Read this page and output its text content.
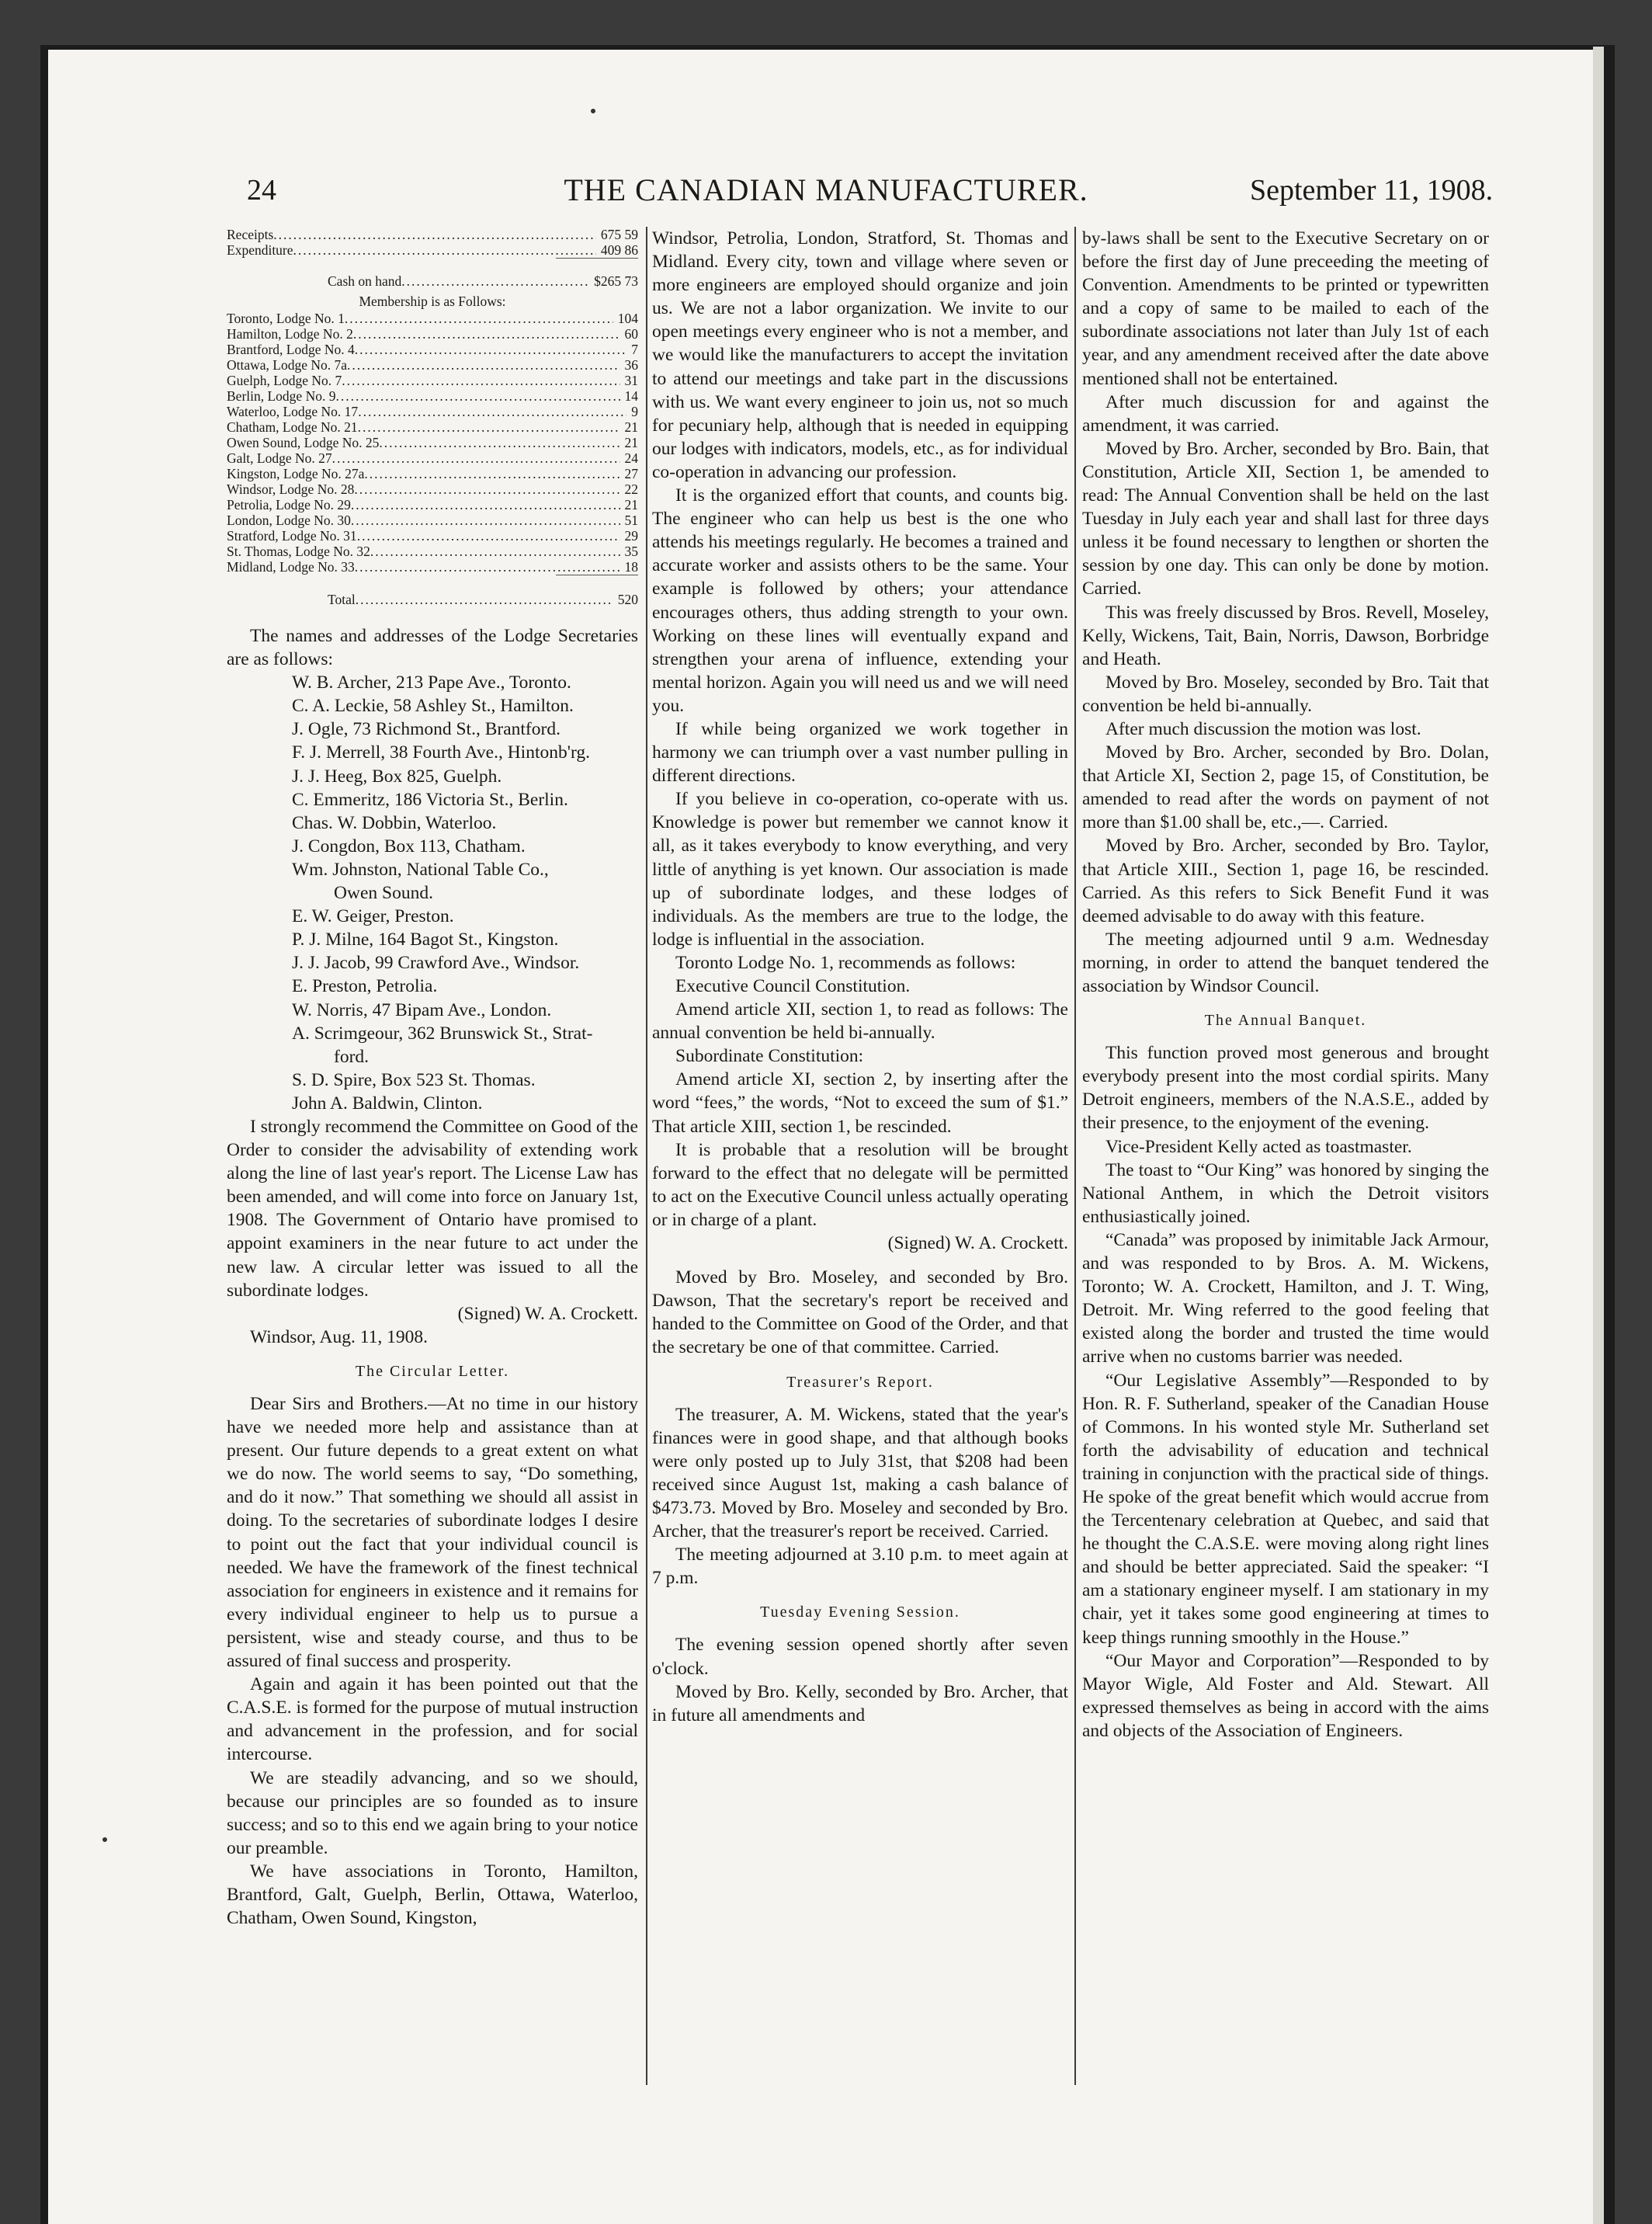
24	THE CANADIAN MANUFACTURER.	September 11, 1908.
Receipts .....	675 59
Expenditure .....	409 86
Cash on hand .....	$265 73
Membership is as Follows:
Toronto, Lodge No. 1 .....	104
Hamilton, Lodge No. 2 .....	60
Brantford, Lodge No. 4 .....	7
Ottawa, Lodge No. 7a .....	36
Guelph, Lodge No. 7 .....	31
Berlin, Lodge No. 9 .....	14
Waterloo, Lodge No. 17 .....	9
Chatham, Lodge No. 21 .....	21
Owen Sound, Lodge No. 25 .....	21
Galt, Lodge No. 27 .....	24
Kingston, Lodge No. 27a .....	27
Windsor, Lodge No. 28 .....	22
Petrolia, Lodge No. 29 .....	21
London, Lodge No. 30 .....	51
Stratford, Lodge No. 31 .....	29
St. Thomas, Lodge No. 32 .....	35
Midland, Lodge No. 33 .....	18
Total .....	520

The names and addresses of the Lodge Secretaries are as follows:

W. B. Archer, 213 Pape Ave., Toronto.

C. A. Leckie, 58 Ashley St., Hamilton.

J. Ogle, 73 Richmond St., Brantford.

F. J. Merrell, 38 Fourth Ave., Hintonb'rg.

J. J. Heeg, Box 825, Guelph.

C. Emmeritz, 186 Victoria St., Berlin.

Chas. W. Dobbin, Waterloo.

J. Congdon, Box 113, Chatham.

Wm. Johnston, National Table Co.,
Owen Sound.

E. W. Geiger, Preston.

P. J. Milne, 164 Bagot St., Kingston.

J. J. Jacob, 99 Crawford Ave., Windsor.

E. Preston, Petrolia.

W. Norris, 47 Bipam Ave., London.

A. Scrimgeour, 362 Brunswick St., Strat-
ford.

S. D. Spire, Box 523 St. Thomas.

John A. Baldwin, Clinton.

I strongly recommend the Committee on Good of the Order to consider the advisability of extending work along the line of last year's report. The License Law has been amended, and will come into force on January 1st, 1908. The Government of Ontario have promised to appoint examiners in the near future to act under the new law. A circular letter was issued to all the subordinate lodges.

(Signed) W. A. Crockett.

Windsor, Aug. 11, 1908.

The Circular Letter.

Dear Sirs and Brothers.—At no time in our history have we needed more help and assistance than at present. Our future depends to a great extent on what we do now. The world seems to say, “Do something, and do it now.” That something we should all assist in doing. To the secretaries of subordinate lodges I desire to point out the fact that your individual council is needed. We have the framework of the finest technical association for engineers in existence and it remains for every individual engineer to help us to pursue a persistent, wise and steady course, and thus to be assured of final success and prosperity.

Again and again it has been pointed out that the C.A.S.E. is formed for the purpose of mutual instruction and advancement in the profession, and for social intercourse.

We are steadily advancing, and so we should, because our principles are so founded as to insure success; and so to this end we again bring to your notice our preamble.

We have associations in Toronto, Hamilton, Brantford, Galt, Guelph, Berlin, Ottawa, Waterloo, Chatham, Owen Sound, Kingston,

Windsor, Petrolia, London, Stratford, St. Thomas and Midland. Every city, town and village where seven or more engineers are employed should organize and join us. We are not a labor organization. We invite to our open meetings every engineer who is not a member, and we would like the manufacturers to accept the invitation to attend our meetings and take part in the discussions with us. We want every engineer to join us, not so much for pecuniary help, although that is needed in equipping our lodges with indicators, models, etc., as for individual co-operation in advancing our profession.

It is the organized effort that counts, and counts big. The engineer who can help us best is the one who attends his meetings regularly. He becomes a trained and accurate worker and assists others to be the same. Your example is followed by others; your attendance encourages others, thus adding strength to your own. Working on these lines will eventually expand and strengthen your arena of influence, extending your mental horizon. Again you will need us and we will need you.

If while being organized we work together in harmony we can triumph over a vast number pulling in different directions.

If you believe in co-operation, co-operate with us. Knowledge is power but remember we cannot know it all, as it takes everybody to know everything, and very little of anything is yet known. Our association is made up of subordinate lodges, and these lodges of individuals. As the members are true to the lodge, the lodge is influential in the association.

Toronto Lodge No. 1, recommends as follows:

Executive Council Constitution.

Amend article XII, section 1, to read as follows: The annual convention be held bi-annually.

Subordinate Constitution:

Amend article XI, section 2, by inserting after the word “fees,” the words, “Not to exceed the sum of $1.” That article XIII, section 1, be rescinded.

It is probable that a resolution will be brought forward to the effect that no delegate will be permitted to act on the Executive Council unless actually operating or in charge of a plant.

(Signed) W. A. Crockett.

Moved by Bro. Moseley, and seconded by Bro. Dawson, That the secretary's report be received and handed to the Committee on Good of the Order, and that the secretary be one of that committee. Carried.

Treasurer's Report.

The treasurer, A. M. Wickens, stated that the year's finances were in good shape, and that although books were only posted up to July 31st, that $208 had been received since August 1st, making a cash balance of $473.73. Moved by Bro. Moseley and seconded by Bro. Archer, that the treasurer's report be received. Carried.

The meeting adjourned at 3.10 p.m. to meet again at 7 p.m.

Tuesday Evening Session.

The evening session opened shortly after seven o'clock.

Moved by Bro. Kelly, seconded by Bro. Archer, that in future all amendments and

by-laws shall be sent to the Executive Secretary on or before the first day of June preceeding the meeting of Convention. Amendments to be printed or typewritten and a copy of same to be mailed to each of the subordinate associations not later than July 1st of each year, and any amendment received after the date above mentioned shall not be entertained.

After much discussion for and against the amendment, it was carried.

Moved by Bro. Archer, seconded by Bro. Bain, that Constitution, Article XII, Section 1, be amended to read: The Annual Convention shall be held on the last Tuesday in July each year and shall last for three days unless it be found necessary to lengthen or shorten the session by one day. This can only be done by motion. Carried.

This was freely discussed by Bros. Revell, Moseley, Kelly, Wickens, Tait, Bain, Norris, Dawson, Borbridge and Heath.

Moved by Bro. Moseley, seconded by Bro. Tait that convention be held bi-annually.

After much discussion the motion was lost.

Moved by Bro. Archer, seconded by Bro. Dolan, that Article XI, Section 2, page 15, of Constitution, be amended to read after the words on payment of not more than $1.00 shall be, etc.,—. Carried.

Moved by Bro. Archer, seconded by Bro. Taylor, that Article XIII., Section 1, page 16, be rescinded. Carried. As this refers to Sick Benefit Fund it was deemed advisable to do away with this feature.

The meeting adjourned until 9 a.m. Wednesday morning, in order to attend the banquet tendered the association by Windsor Council.

The Annual Banquet.

This function proved most generous and brought everybody present into the most cordial spirits. Many Detroit engineers, members of the N.A.S.E., added by their presence, to the enjoyment of the evening.

Vice-President Kelly acted as toastmaster.

The toast to “Our King” was honored by singing the National Anthem, in which the Detroit visitors enthusiastically joined.

“Canada” was proposed by inimitable Jack Armour, and was responded to by Bros. A. M. Wickens, Toronto; W. A. Crockett, Hamilton, and J. T. Wing, Detroit. Mr. Wing referred to the good feeling that existed along the border and trusted the time would arrive when no customs barrier was needed.

“Our Legislative Assembly”—Responded to by Hon. R. F. Sutherland, speaker of the Canadian House of Commons. In his wonted style Mr. Sutherland set forth the advisability of education and technical training in conjunction with the practical side of things. He spoke of the great benefit which would accrue from the Tercentenary celebration at Quebec, and said that he thought the C.A.S.E. were moving along right lines and should be better appreciated. Said the speaker: “I am a stationary engineer myself. I am stationary in my chair, yet it takes some good engineering at times to keep things running smoothly in the House.”

“Our Mayor and Corporation”—Responded to by Mayor Wigle, Ald Foster and Ald. Stewart. All expressed themselves as being in accord with the aims and objects of the Association of Engineers.
